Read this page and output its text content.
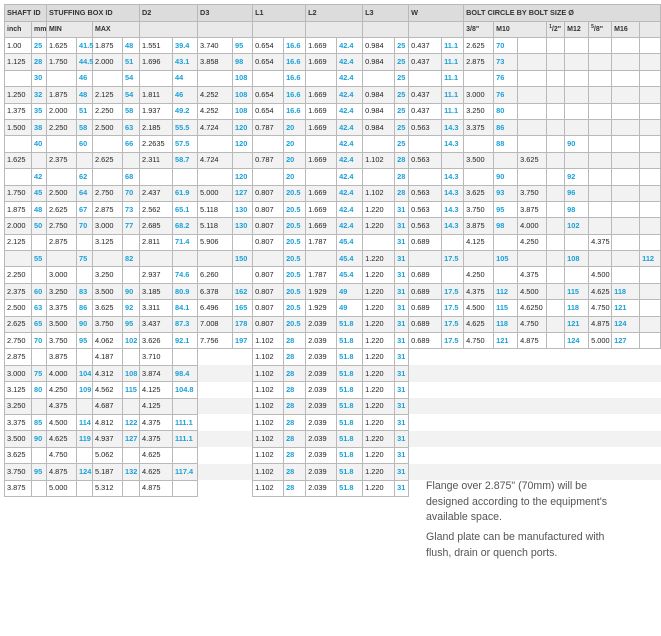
SHAFT ID		STUFFING BOX ID				D2		D3		L1		L2		L3		W		BOLT CIRCLE BY BOLT SIZE Ø							
inch	mm	MIN		MAX														3/8"	M10		$^1$/2"	M12	$^5$/8"	M16	
1.00	25	1.625	41.5	1.875	48	1.551	39.4	3.740	95	0.654	16.6	1.669	42.4	0.984	25	0.437	11.1	2.625	70						
1.125	28	1.750	44.5	2.000	51	1.696	43.1	3.858	98	0.654	16.6	1.669	42.4	0.984	25	0.437	11.1	2.875	73						
	30		46		54		44		108		16.6		42.4		25		11.1		76						
1.250	32	1.875	48	2.125	54	1.811	46	4.252	108	0.654	16.6	1.669	42.4	0.984	25	0.437	11.1	3.000	76						
1.375	35	2.000	51	2.250	58	1.937	49.2	4.252	108	0.654	16.6	1.669	42.4	0.984	25	0.437	11.1	3.250	80						
1.500	38	2.250	58	2.500	63	2.185	55.5	4.724	120	0.787	20	1.669	42.4	0.984	25	0.563	14.3	3.375	86						
	40		60		66	2.2635	57.5		120		20		42.4		25		14.3		88			90			
1.625		2.375		2.625		2.311	58.7	4.724		0.787	20	1.669	42.4	1.102	28	0.563		3.500		3.625					
	42		62		68				120		20		42.4		28		14.3		90			92			
1.750	45	2.500	64	2.750	70	2.437	61.9	5.000	127	0.807	20.5	1.669	42.4	1.102	28	0.563	14.3	3.625	93	3.750		96			
1.875	48	2.625	67	2.875	73	2.562	65.1	5.118	130	0.807	20.5	1.669	42.4	1.220	31	0.563	14.3	3.750	95	3.875		98			
2.000	50	2.750	70	3.000	77	2.685	68.2	5.118	130	0.807	20.5	1.669	42.4	1.220	31	0.563	14.3	3.875	98	4.000		102			
2.125		2.875		3.125		2.811	71.4	5.906		0.807	20.5	1.787	45.4		31	0.689		4.125		4.250			4.375		
	55		75		82				150		20.5		45.4	1.220	31		17.5		105			108			112
2.250		3.000		3.250		2.937	74.6	6.260		0.807	20.5	1.787	45.4	1.220	31	0.689		4.250		4.375			4.500		
2.375	60	3.250	83	3.500	90	3.185	80.9	6.378	162	0.807	20.5	1.929	49	1.220	31	0.689	17.5	4.375	112	4.500		115	4.625	118	
2.500	63	3.375	86	3.625	92	3.311	84.1	6.496	165	0.807	20.5	1.929	49	1.220	31	0.689	17.5	4.500	115	4.6250		118	4.750	121	
2.625	65	3.500	90	3.750	95	3.437	87.3	7.008	178	0.807	20.5	2.039	51.8	1.220	31	0.689	17.5	4.625	118	4.750		121	4.875	124	
2.750	70	3.750	95	4.062	102	3.626	92.1	7.756	197	1.102	28	2.039	51.8	1.220	31	0.689	17.5	4.750	121	4.875		124	5.000	127	
2.875		3.875		4.187		3.710				1.102	28	2.039	51.8	1.220	31										
3.000	75	4.000	104	4.312	108	3.874	98.4			1.102	28	2.039	51.8	1.220	31										
3.125	80	4.250	109	4.562	115	4.125	104.8			1.102	28	2.039	51.8	1.220	31										
3.250		4.375		4.687		4.125				1.102	28	2.039	51.8	1.220	31										
3.375	85	4.500	114	4.812	122	4.375	111.1			1.102	28	2.039	51.8	1.220	31										
3.500	90	4.625	119	4.937	127	4.375	111.1			1.102	28	2.039	51.8	1.220	31										
3.625		4.750		5.062		4.625				1.102	28	2.039	51.8	1.220	31										
3.750	95	4.875	124	5.187	132	4.625	117.4			1.102	28	2.039	51.8	1.220	31										
3.875		5.000		5.312		4.875				1.102	28	2.039	51.8	1.220	31										Flange over 2.875" (70mm) will be designed according to the equipment's available space.
Gland plate can be manufactured with flush, drain or quench ports.
